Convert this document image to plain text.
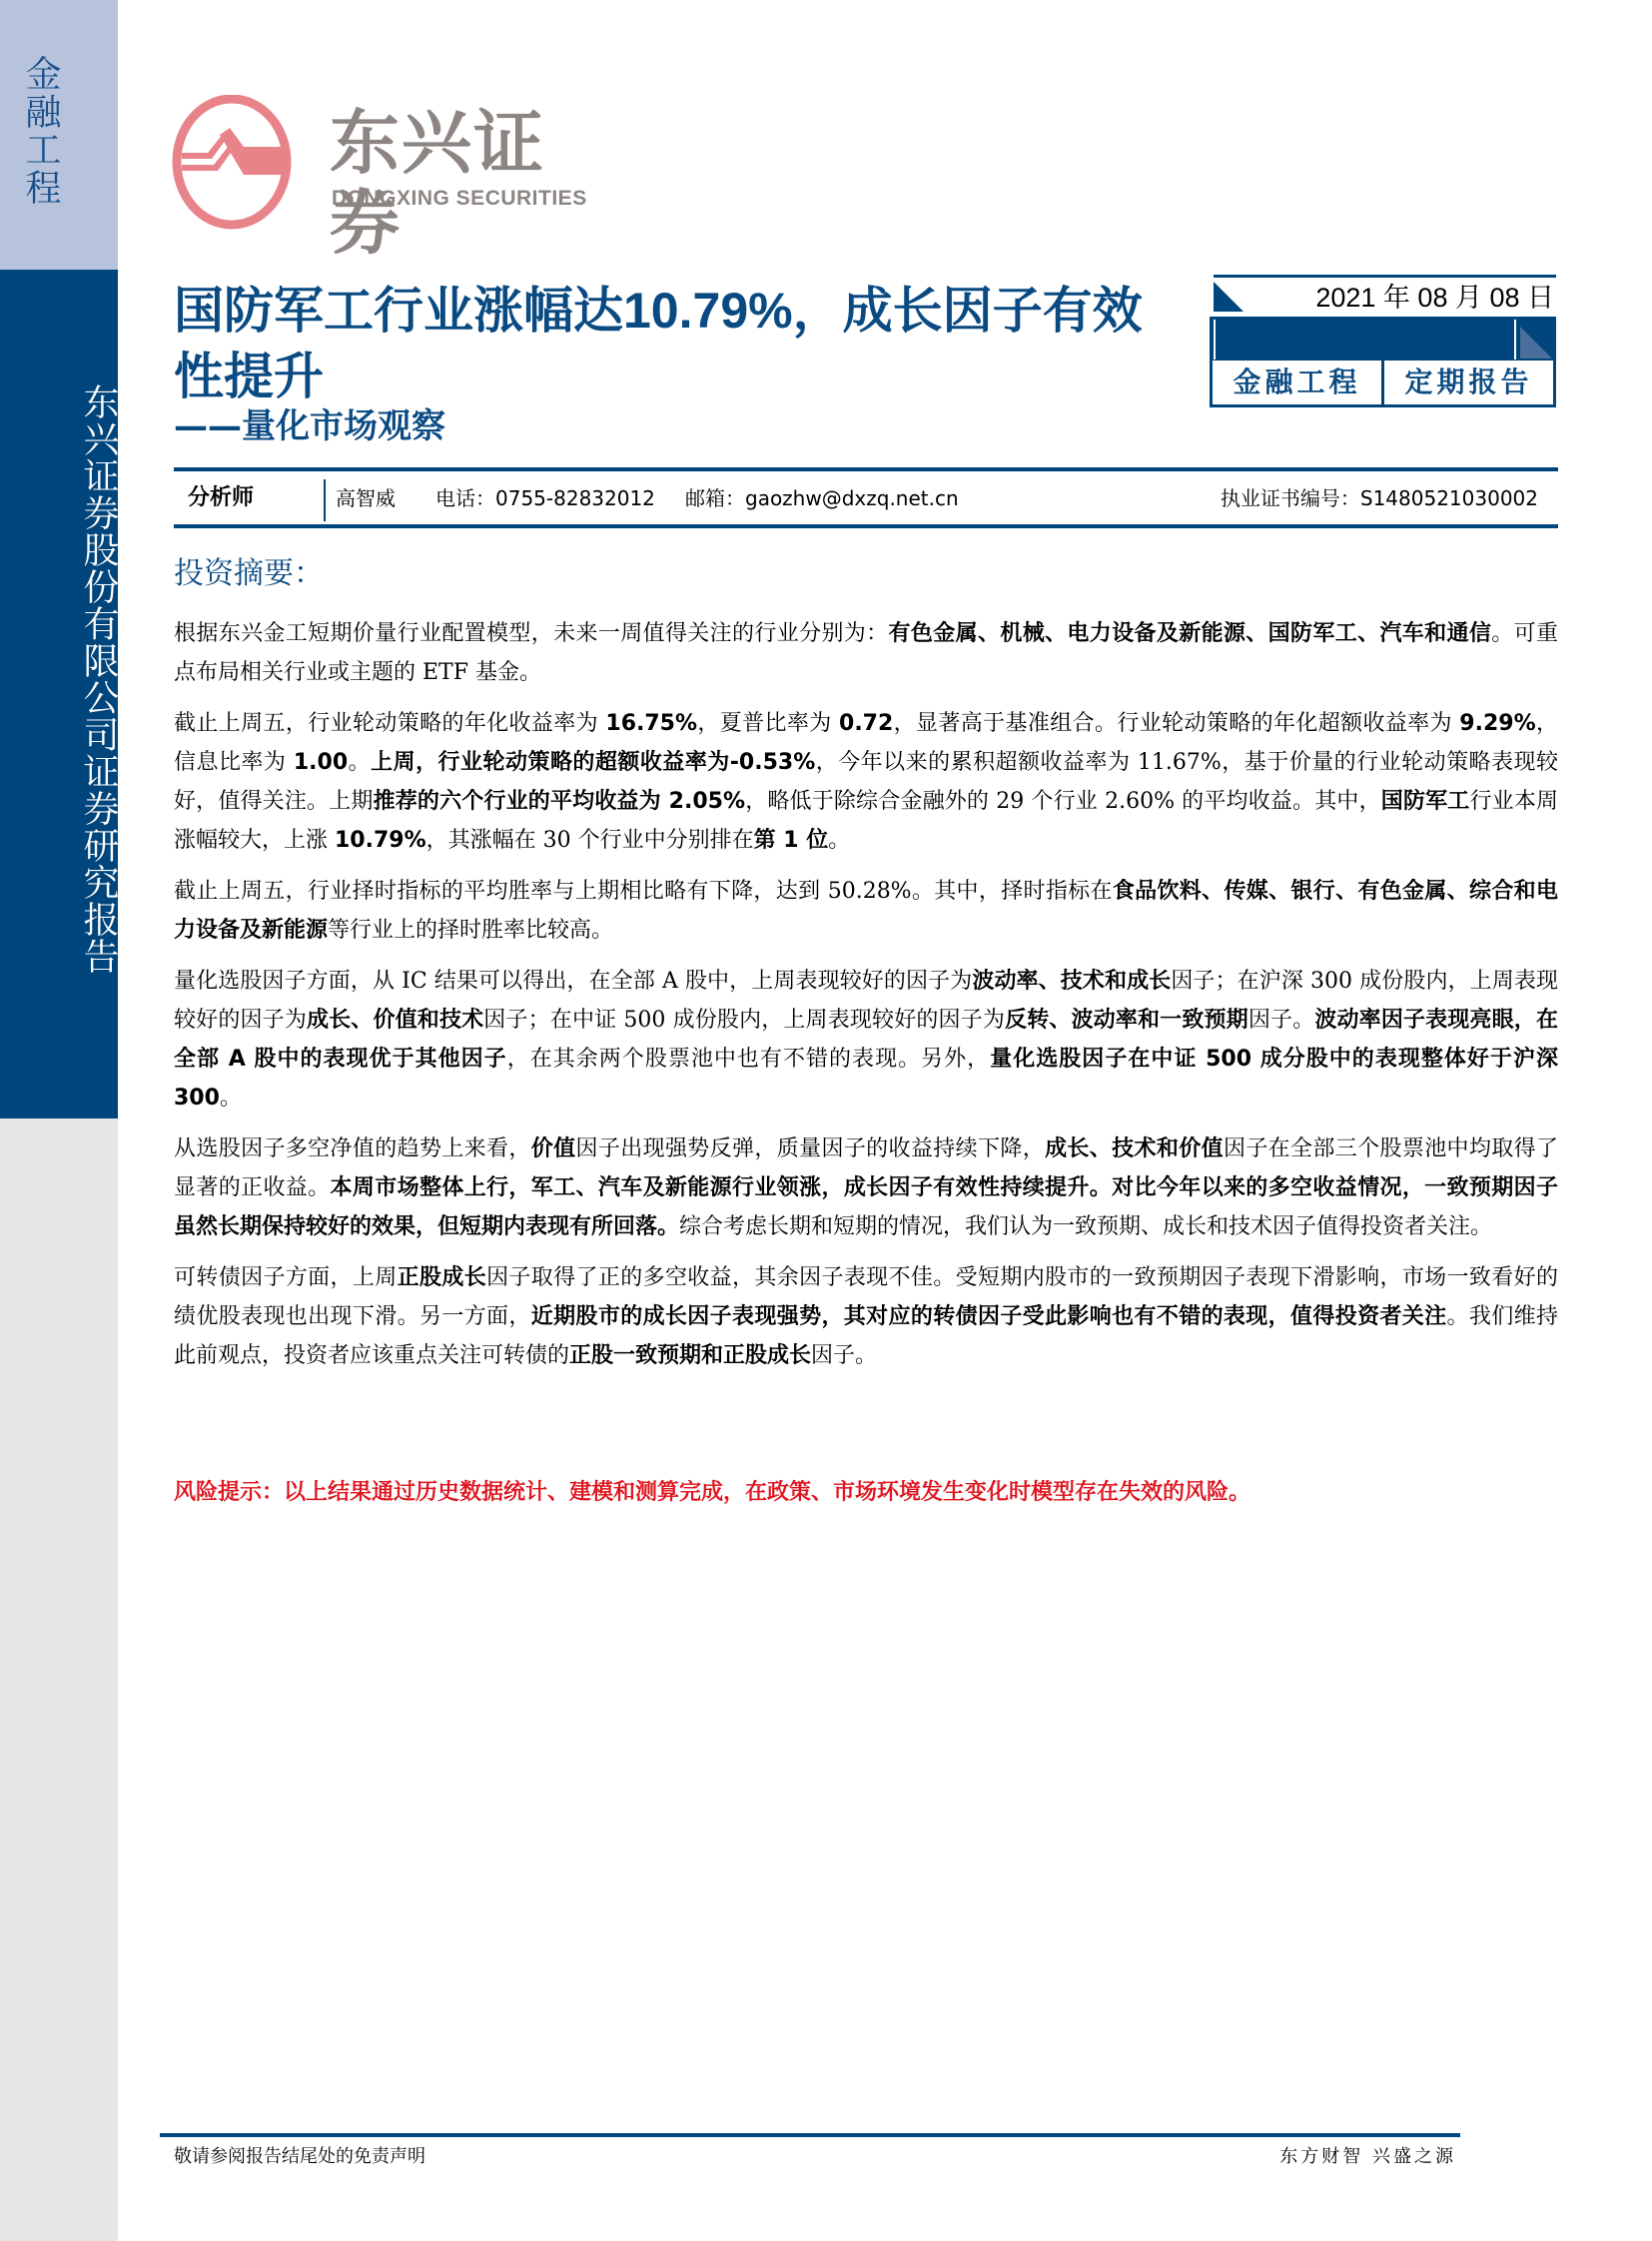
金融工程
东兴证券股份有限公司证券研究报告
东兴证券
DONGXING SECURITIES
国防军工行业涨幅达10.79%，成长因子有效性提升
——量化市场观察
2021 年 08 月 08 日
金融工程	定期报告
分析师	高智威 电话：0755-82832012 邮箱：gaozhw@dxzq.net.cn	执业证书编号：S1480521030002
投资摘要：

根据东兴金工短期价量行业配置模型，未来一周值得关注的行业分别为：有色金属、机械、电力设备及新能源、国防军工、汽车和通信。可重点布局相关行业或主题的 ETF 基金。

截止上周五，行业轮动策略的年化收益率为 16.75%，夏普比率为 0.72，显著高于基准组合。行业轮动策略的年化超额收益率为 9.29%，信息比率为 1.00。上周，行业轮动策略的超额收益率为-0.53%，今年以来的累积超额收益率为 11.67%，基于价量的行业轮动策略表现较好，值得关注。上期推荐的六个行业的平均收益为 2.05%，略低于除综合金融外的 29 个行业 2.60% 的平均收益。其中，国防军工行业本周涨幅较大，上涨 10.79%，其涨幅在 30 个行业中分别排在第 1 位。

截止上周五，行业择时指标的平均胜率与上期相比略有下降，达到 50.28%。其中，择时指标在食品饮料、传媒、银行、有色金属、综合和电力设备及新能源等行业上的择时胜率比较高。

量化选股因子方面，从 IC 结果可以得出，在全部 A 股中，上周表现较好的因子为波动率、技术和成长因子；在沪深 300 成份股内，上周表现较好的因子为成长、价值和技术因子；在中证 500 成份股内，上周表现较好的因子为反转、波动率和一致预期因子。波动率因子表现亮眼，在全部 A 股中的表现优于其他因子，在其余两个股票池中也有不错的表现。另外，量化选股因子在中证 500 成分股中的表现整体好于沪深 300。

从选股因子多空净值的趋势上来看，价值因子出现强势反弹，质量因子的收益持续下降，成长、技术和价值因子在全部三个股票池中均取得了显著的正收益。本周市场整体上行，军工、汽车及新能源行业领涨，成长因子有效性持续提升。对比今年以来的多空收益情况，一致预期因子虽然长期保持较好的效果，但短期内表现有所回落。综合考虑长期和短期的情况，我们认为一致预期、成长和技术因子值得投资者关注。

可转债因子方面，上周正股成长因子取得了正的多空收益，其余因子表现不佳。受短期内股市的一致预期因子表现下滑影响，市场一致看好的绩优股表现也出现下滑。另一方面，近期股市的成长因子表现强势，其对应的转债因子受此影响也有不错的表现，值得投资者关注。我们维持此前观点，投资者应该重点关注可转债的正股一致预期和正股成长因子。

风险提示：以上结果通过历史数据统计、建模和测算完成，在政策、市场环境发生变化时模型存在失效的风险。
敬请参阅报告结尾处的免责声明	东方财智 兴盛之源
